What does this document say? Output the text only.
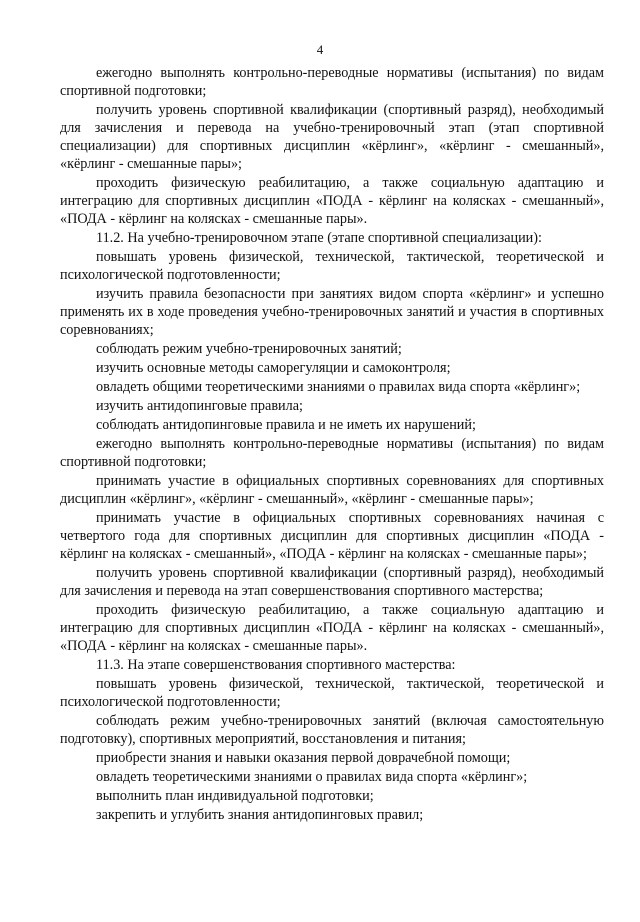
4

ежегодно выполнять контрольно-переводные нормативы (испытания) по видам спортивной подготовки;

получить уровень спортивной квалификации (спортивный разряд), необходимый для зачисления и перевода на учебно-тренировочный этап (этап спортивной специализации) для спортивных дисциплин «кёрлинг», «кёрлинг - смешанный», «кёрлинг - смешанные пары»;

проходить физическую реабилитацию, а также социальную адаптацию и интеграцию для спортивных дисциплин «ПОДА - кёрлинг на колясках - смешанный», «ПОДА - кёрлинг на колясках - смешанные пары».

11.2. На учебно-тренировочном этапе (этапе спортивной специализации):

повышать уровень физической, технической, тактической, теоретической и психологической подготовленности;

изучить правила безопасности при занятиях видом спорта «кёрлинг» и успешно применять их в ходе проведения учебно-тренировочных занятий и участия в спортивных соревнованиях;

соблюдать режим учебно-тренировочных занятий;

изучить основные методы саморегуляции и самоконтроля;

овладеть общими теоретическими знаниями о правилах вида спорта «кёрлинг»;

изучить антидопинговые правила;

соблюдать антидопинговые правила и не иметь их нарушений;

ежегодно выполнять контрольно-переводные нормативы (испытания) по видам спортивной подготовки;

принимать участие в официальных спортивных соревнованиях для спортивных дисциплин «кёрлинг», «кёрлинг - смешанный», «кёрлинг - смешанные пары»;

принимать участие в официальных спортивных соревнованиях начиная с четвертого года для спортивных дисциплин для спортивных дисциплин «ПОДА - кёрлинг на колясках - смешанный», «ПОДА - кёрлинг на колясках - смешанные пары»;

получить уровень спортивной квалификации (спортивный разряд), необходимый для зачисления и перевода на этап совершенствования спортивного мастерства;

проходить физическую реабилитацию, а также социальную адаптацию и интеграцию для спортивных дисциплин «ПОДА - кёрлинг на колясках - смешанный», «ПОДА - кёрлинг на колясках - смешанные пары».

11.3. На этапе совершенствования спортивного мастерства:

повышать уровень физической, технической, тактической, теоретической и психологической подготовленности;

соблюдать режим учебно-тренировочных занятий (включая самостоятельную подготовку), спортивных мероприятий, восстановления и питания;

приобрести знания и навыки оказания первой доврачебной помощи;

овладеть теоретическими знаниями о правилах вида спорта «кёрлинг»;

выполнить план индивидуальной подготовки;

закрепить и углубить знания антидопинговых правил;
